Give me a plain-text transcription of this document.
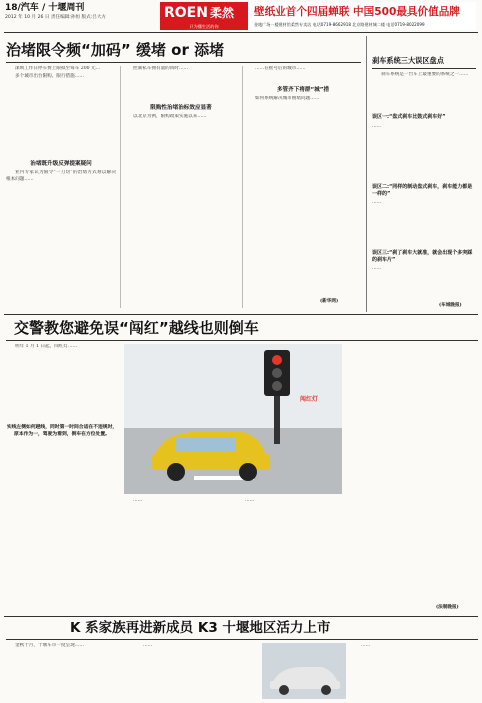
18/汽车 / 十堰周刊
2012 年 10 月 26 日 责任编辑:孙恒 版式:吕大方	ROEN 柔然
只为懂生活的你
壁纸业首个四届蝉联 中国500最具价值品牌
金地广场一楼建材馆柔然专卖店 电话0719-8662918 北京路建材城二楼 电话0719-8022099
治堵限令频“加码” 缓堵 or 添堵

深圳工作日停车费上限拟至每车 200 元…

多个城市出台限购、限行措施……

治堵既升级反弹提案疑问

业内专家认为限令“一刀切”的治堵方式难以解决根本问题……

控制私车拥有量的同时……

限购性治堵治标效应显著

以北京为例，限购政策实施以来……

……在摇号后的城市……

多管齐下将群“城”措

如何系统解决城市拥堵问题……

(新华网)
刹车系统三大误区盘点
刹车系统是一台车上最重要的系统之一……
误区一:“盘式刹车比鼓式刹车好”
……
误区二:“同样的制动盘式刹车，刹车能力都是一样的”
……
误区三:“刹了刹车大就准，就会出现个多突踩的刹车片”
……
(车城晚报)
交警教您避免误“闯红”越线也则倒车

明年 1 月 1 日起，闯红灯……

实线左侧如何越线，同时第一时间合适在不违规时，原本作为一，驾驶为看到，倒车在方位处置。
闯红灯

……	……

(法制晚报)
K 系家族再进新成员 K3 十堰地区活力上市

金秋十月，十堰车市一度呈现……	……	……
